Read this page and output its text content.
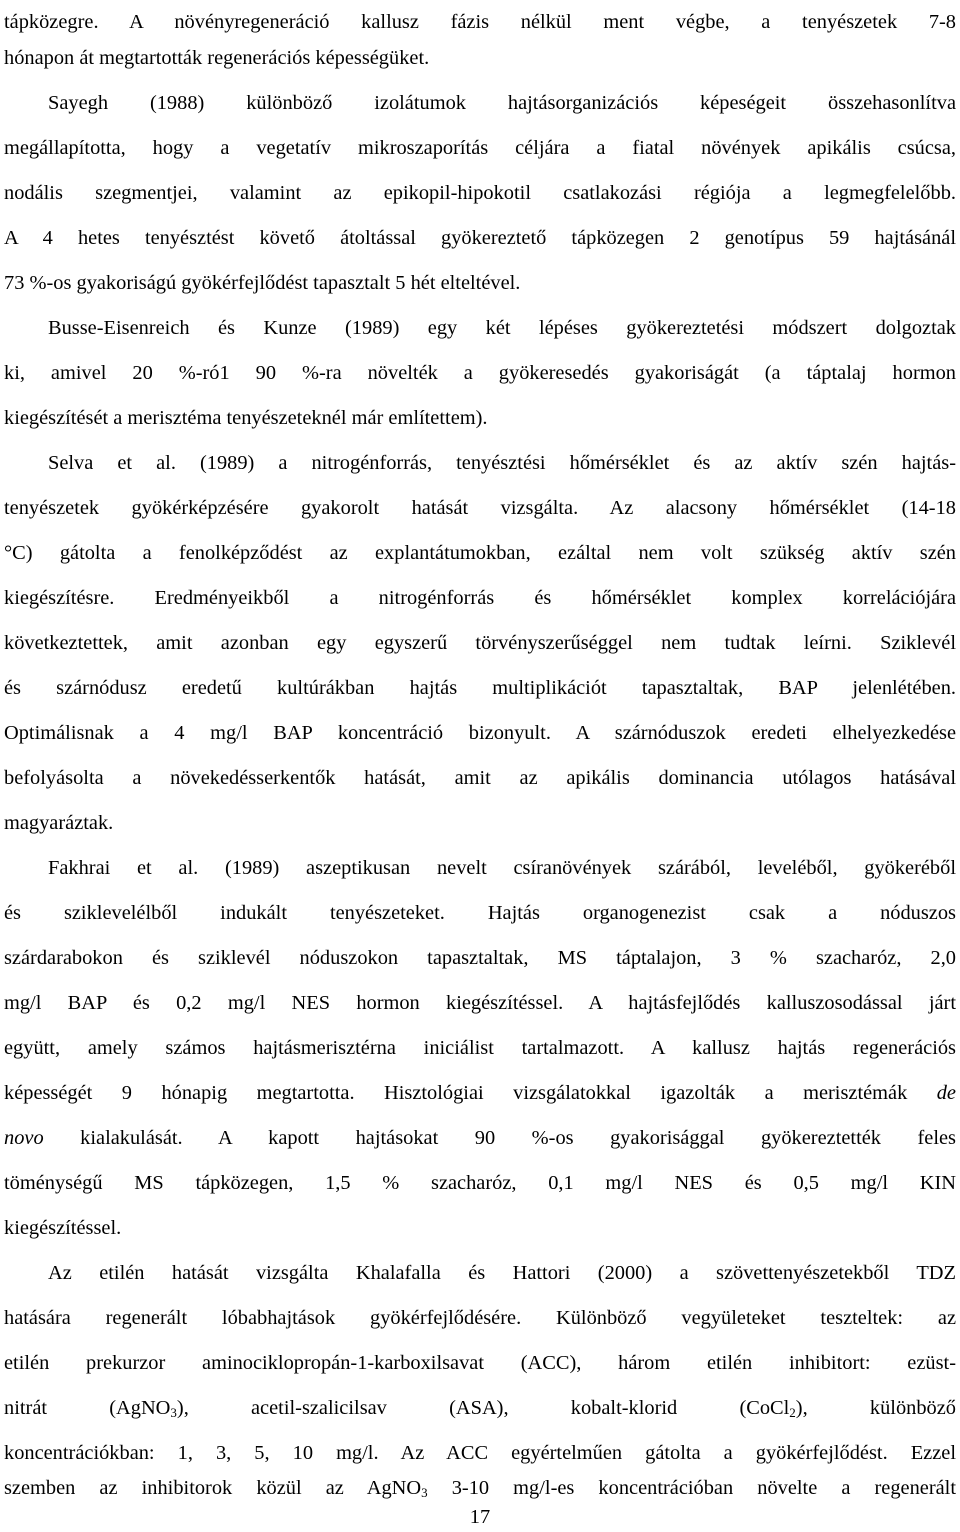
tápközegre. A növényregeneráció kallusz fázis nélkül ment végbe, a tenyészetek 7-8
hónapon át megtartották regenerációs képességüket.
Sayegh (1988) különböző izolátumok hajtásorganizációs képeségeit összehasonlítva
megállapította, hogy a vegetatív mikroszaporítás céljára a fiatal növények apikális csúcsa,
nodális szegmentjei, valamint az epikopil-hipokotil csatlakozási régiója a legmegfelelőbb.
A 4 hetes tenyésztést követő átoltással gyökereztető tápközegen 2 genotípus 59 hajtásánál
73 %-os gyakoriságú gyökérfejlődést tapasztalt 5 hét elteltével.
Busse-Eisenreich és Kunze (1989) egy két lépéses gyökereztetési módszert dolgoztak
ki, amivel 20 %-ró1 90 %-ra növelték a gyökeresedés gyakoriságát (a táptalaj hormon
kiegészítését a merisztéma tenyészeteknél már említettem).
Selva et al. (1989) a nitrogénforrás, tenyésztési hőmérséklet és az aktív szén hajtás-
tenyészetek gyökérképzésére gyakorolt hatását vizsgálta. Az alacsony hőmérséklet (14-18
°C) gátolta a fenolképződést az explantátumokban, ezáltal nem volt szükség aktív szén
kiegészítésre. Eredményeikből a nitrogénforrás és hőmérséklet komplex korrelációjára
következtettek, amit azonban egy egyszerű törvényszerűséggel nem tudtak leírni. Sziklevél
és szárnódusz eredetű kultúrákban hajtás multiplikációt tapasztaltak, BAP jelenlétében.
Optimálisnak a 4 mg/l BAP koncentráció bizonyult. A szárnóduszok eredeti elhelyezkedése
befolyásolta a növekedésserkentők hatását, amit az apikális dominancia utólagos hatásával
magyaráztak.
Fakhrai et al. (1989) aszeptikusan nevelt csíranövények szárából, leveléből, gyökeréből
és sziklevelélből indukált tenyészeteket. Hajtás organogenezist csak a nóduszos
szárdarabokon és sziklevél nóduszokon tapasztaltak, MS táptalajon, 3 % szacharóz, 2,0
mg/l BAP és 0,2 mg/l NES hormon kiegészítéssel. A hajtásfejlődés kalluszosodással járt
együtt, amely számos hajtásmerisztérna iniciálist tartalmazott. A kallusz hajtás regenerációs
képességét 9 hónapig megtartotta. Hisztológiai vizsgálatokkal igazolták a merisztémák de
novo kialakulását. A kapott hajtásokat 90 %-os gyakorisággal gyökereztették feles
töménységű MS tápközegen, 1,5 % szacharóz, 0,1 mg/l NES és 0,5 mg/l KIN
kiegészítéssel.
Az etilén hatását vizsgálta Khalafalla és Hattori (2000) a szövettenyészetekből TDZ
hatására regenerált lóbabhajtások gyökérfejlődésére. Különböző vegyületeket teszteltek: az
etilén prekurzor aminociklopropán-1-karboxilsavat (ACC), három etilén inhibitort: ezüst-
nitrát (AgNO$_3$), acetil-szalicilsav (ASA), kobalt-klorid (CoCl$_2$), különböző
koncentrációkban: 1, 3, 5, 10 mg/l. Az ACC egyértelműen gátolta a gyökérfejlődést. Ezzel
szemben az inhibitorok közül az AgNO$_3$ 3-10 mg/l-es koncentrációban növelte a regenerált
17
